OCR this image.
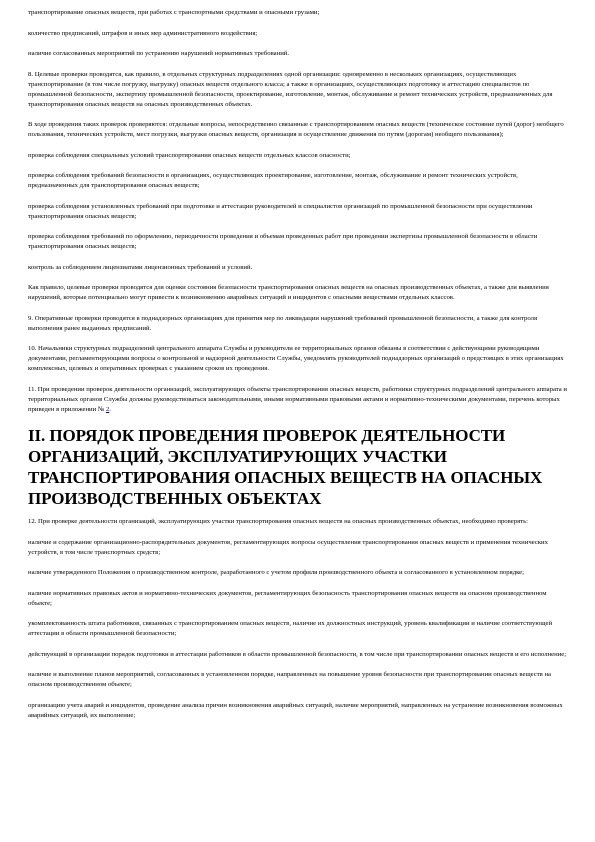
транспортирование опасных веществ, при работах с транспортными средствами и опасными грузами;

количество предписаний, штрафов и иных мер административного воздействия;

наличие согласованных мероприятий по устранению нарушений нормативных требований.

8. Целевые проверки проводятся, как правило, в отдельных структурных подразделениях одной организации: одновременно в нескольких организациях, осуществляющих транспортирование (в том числе погрузку, выгрузку) опасных веществ отдельного класса; а также в организациях, осуществляющих подготовку и аттестацию специалистов по промышленной безопасности, экспертизу промышленной безопасности, проектирование, изготовление, монтаж, обслуживание и ремонт технических устройств, предназначенных для транспортирования опасных веществ на опасных производственных объектах.

В ходе проведения таких проверок проверяются: отдельные вопросы, непосредственно связанные с транспортированием опасных веществ (техническое состояние путей (дорог) необщего пользования, технических устройств, мест погрузки, выгрузки опасных веществ, организация и осуществление движения по путям (дорогам) необщего пользования);

проверка соблюдения специальных условий транспортирования опасных веществ отдельных классов опасности;

проверка соблюдения требований безопасности в организациях, осуществляющих проектирование, изготовление, монтаж, обслуживание и ремонт технических устройств, предназначенных для транспортирования опасных веществ;

проверка соблюдения установленных требований при подготовке и аттестации руководителей и специалистов организаций по промышленной безопасности при осуществлении транспортирования опасных веществ;

проверка соблюдения требований по оформлению, периодичности проведения и объемам проведенных работ при проведении экспертизы промышленной безопасности в области транспортирования опасных веществ;

контроль за соблюдением лицензиатами лицензионных требований и условий.

Как правило, целевые проверки проводятся для оценки состояния безопасности транспортирования опасных веществ на опасных производственных объектах, а также для выявления нарушений, которые потенциально могут привести к возникновению аварийных ситуаций и инцидентов с опасными веществами отдельных классов.

9. Оперативные проверки проводятся в поднадзорных организациях для принятия мер по ликвидации нарушений требований промышленной безопасности, а также для контроля выполнения ранее выданных предписаний.

10. Начальники структурных подразделений центрального аппарата Службы и руководители ее территориальных органов обязаны в соответствии с действующими руководящими документами, регламентирующими вопросы о контрольной и надзорной деятельности Службы, уведомлять руководителей поднадзорных организаций о предстоящих в этих организациях комплексных, целевых и оперативных проверках с указанием сроков их проведения.

11. При проведении проверок деятельности организаций, эксплуатирующих объекты транспортирования опасных веществ, работники структурных подразделений центрального аппарата и территориальных органов Службы должны руководствоваться законодательными, иными нормативными правовыми актами и нормативно-техническими документами, перечень которых приведен в приложении № 2.

II. ПОРЯДОК ПРОВЕДЕНИЯ ПРОВЕРОК ДЕЯТЕЛЬНОСТИ ОРГАНИЗАЦИЙ, ЭКСПЛУАТИРУЮЩИХ УЧАСТКИ ТРАНСПОРТИРОВАНИЯ ОПАСНЫХ ВЕЩЕСТВ НА ОПАСНЫХ ПРОИЗВОДСТВЕННЫХ ОБЪЕКТАХ

12. При проверке деятельности организаций, эксплуатирующих участки транспортирования опасных веществ на опасных производственных объектах, необходимо проверять:

наличие и содержание организационно-распорядительных документов, регламентирующих вопросы осуществления транспортирования опасных веществ и применения технических устройств, в том числе транспортных средств;

наличие утвержденного Положения о производственном контроле, разработанного с учетом профиля производственного объекта и согласованного в установленном порядке;

наличие нормативных правовых актов и нормативно-технических документов, регламентирующих безопасность транспортирования опасных веществ на опасном производственном объекте;

укомплектованность штата работников, связанных с транспортированием опасных веществ, наличие их должностных инструкций, уровень квалификации и наличие соответствующей аттестации в области промышленной безопасности;

действующий в организации порядок подготовки и аттестации работников в области промышленной безопасности, в том числе при транспортировании опасных веществ и его исполнение;

наличие и выполнение планов мероприятий, согласованных в установленном порядке, направленных на повышение уровня безопасности при транспортировании опасных веществ на опасном производственном объекте;

организацию учета аварий и инцидентов, проведение анализа причин возникновения аварийных ситуаций, наличие мероприятий, направленных на устранение возникновения возможных аварийных ситуаций, их выполнение;
